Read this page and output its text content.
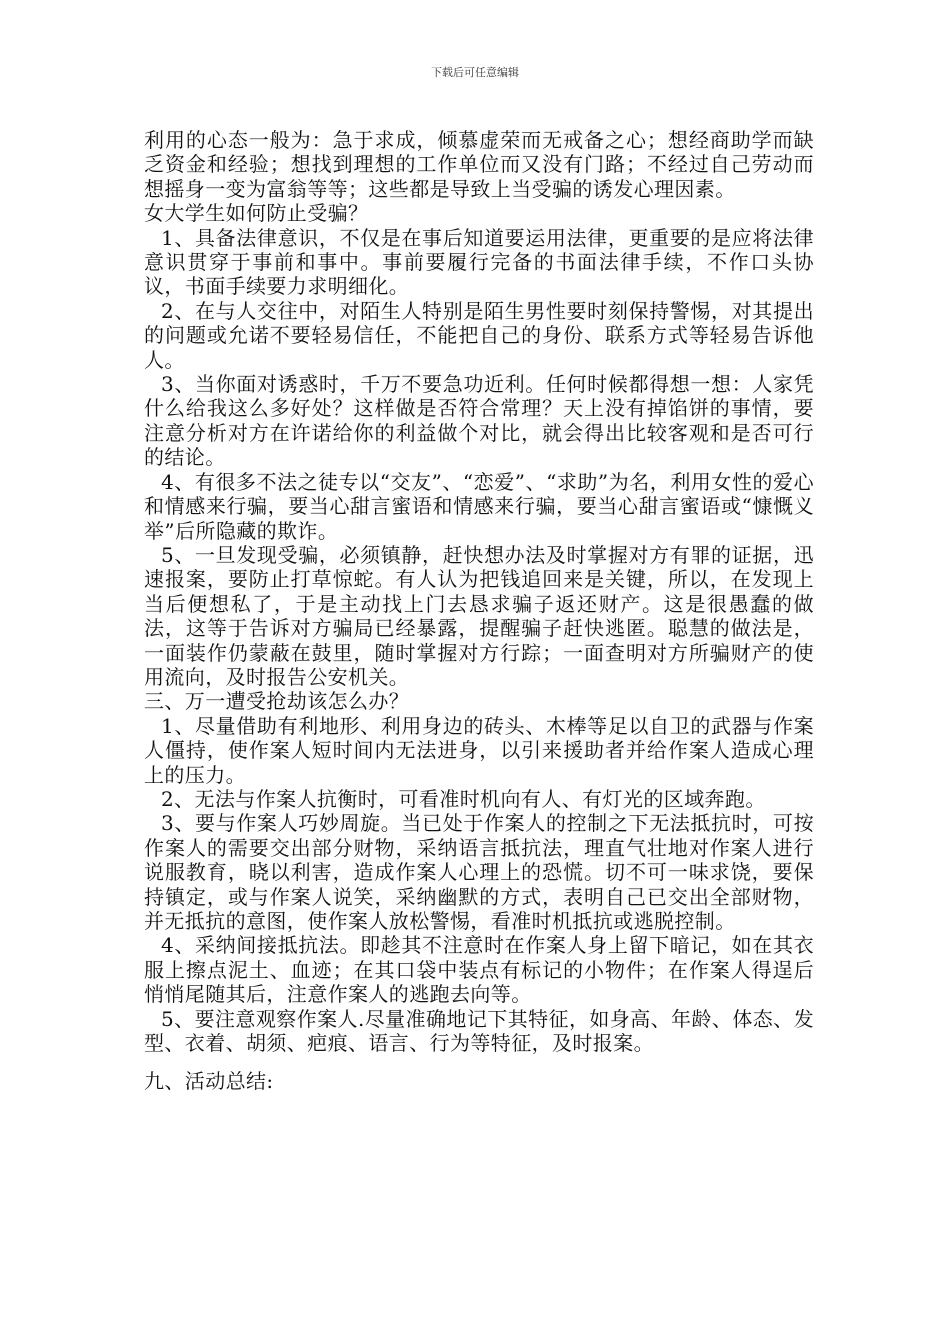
下载后可任意编辑

利用的心态一般为：急于求成，倾慕虚荣而无戒备之心；想经商助学而缺乏资金和经验；想找到理想的工作单位而又没有门路；不经过自己劳动而想摇身一变为富翁等等；这些都是导致上当受骗的诱发心理因素。

女大学生如何防止受骗？

1、具备法律意识，不仅是在事后知道要运用法律，更重要的是应将法律意识贯穿于事前和事中。事前要履行完备的书面法律手续，不作口头协议，书面手续要力求明细化。

2、在与人交往中，对陌生人特别是陌生男性要时刻保持警惕，对其提出的问题或允诺不要轻易信任，不能把自己的身份、联系方式等轻易告诉他人。

3、当你面对诱惑时，千万不要急功近利。任何时候都得想一想：人家凭什么给我这么多好处？这样做是否符合常理？天上没有掉馅饼的事情，要注意分析对方在许诺给你的利益做个对比，就会得出比较客观和是否可行的结论。

4、有很多不法之徒专以“交友”、“恋爱”、“求助”为名，利用女性的爱心和情感来行骗，要当心甜言蜜语和情感来行骗，要当心甜言蜜语或“慷慨义举”后所隐藏的欺诈。

5、一旦发现受骗，必须镇静，赶快想办法及时掌握对方有罪的证据，迅速报案，要防止打草惊蛇。有人认为把钱追回来是关键，所以，在发现上当后便想私了，于是主动找上门去恳求骗子返还财产。这是很愚蠢的做法，这等于告诉对方骗局已经暴露，提醒骗子赶快逃匿。聪慧的做法是，一面装作仍蒙蔽在鼓里，随时掌握对方行踪；一面查明对方所骗财产的使用流向，及时报告公安机关。

三、万一遭受抢劫该怎么办？

1、尽量借助有利地形、利用身边的砖头、木棒等足以自卫的武器与作案人僵持，使作案人短时间内无法进身，以引来援助者并给作案人造成心理上的压力。

2、无法与作案人抗衡时，可看准时机向有人、有灯光的区域奔跑。

3、要与作案人巧妙周旋。当已处于作案人的控制之下无法抵抗时，可按作案人的需要交出部分财物，采纳语言抵抗法，理直气壮地对作案人进行说服教育，晓以利害，造成作案人心理上的恐慌。切不可一味求饶，要保持镇定，或与作案人说笑，采纳幽默的方式，表明自己已交出全部财物，并无抵抗的意图，使作案人放松警惕，看准时机抵抗或逃脱控制。

4、采纳间接抵抗法。即趁其不注意时在作案人身上留下暗记，如在其衣服上擦点泥土、血迹；在其口袋中装点有标记的小物件；在作案人得逞后悄悄尾随其后，注意作案人的逃跑去向等。

5、要注意观察作案人.尽量准确地记下其特征，如身高、年龄、体态、发型、衣着、胡须、疤痕、语言、行为等特征，及时报案。

九、活动总结:
